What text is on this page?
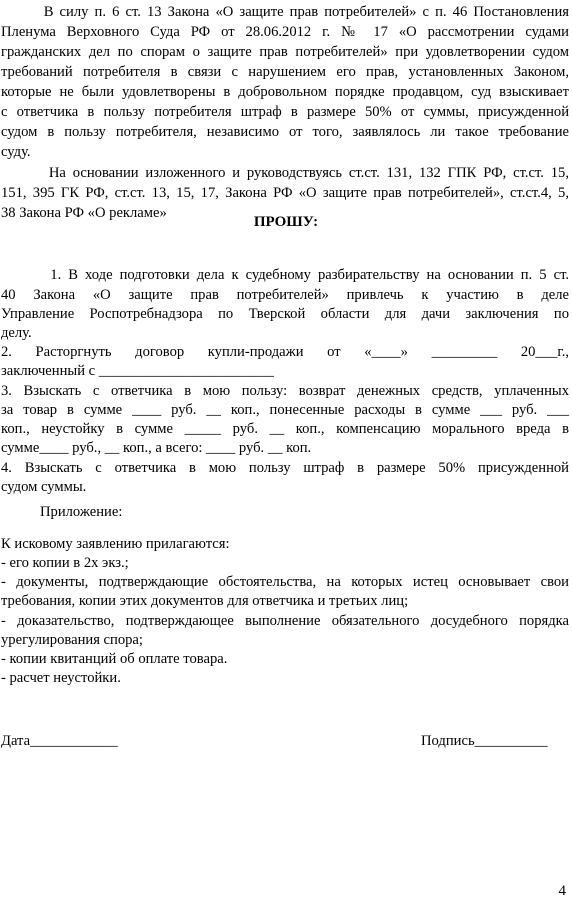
В силу п. 6 ст. 13 Закона «О защите прав потребителей» с п. 46 Постановления
Пленума Верховного Суда РФ от 28.06.2012 г. № 17 «О рассмотрении судами
гражданских дел по спорам о защите прав потребителей» при удовлетворении судом
требований потребителя в связи с нарушением его прав, установленных Законом,
которые не были удовлетворены в добровольном порядке продавцом, суд взыскивает
с ответчика в пользу потребителя штраф в размере 50% от суммы, присужденной
судом в пользу потребителя, независимо от того, заявлялось ли такое требование
суду.
На основании изложенного и руководствуясь ст.ст. 131, 132 ГПК РФ, ст.ст. 15,
151, 395 ГК РФ, ст.ст. 13, 15, 17, Закона РФ «О защите прав потребителей», ст.ст.4, 5,
38 Закона РФ «О рекламе»
ПРОШУ:
1. В ходе подготовки дела к судебному разбирательству на основании п. 5 ст.
40 Закона «О защите прав потребителей» привлечь к участию в деле
Управление Роспотребнадзора по Тверской области для дачи заключения по
делу.
2. Расторгнуть договор купли-продажи от «____» _________ 20___г.,
заключенный с ________________________
3. Взыскать с ответчика в мою пользу: возврат денежных средств, уплаченных
за товар в сумме ____ руб. __ коп., понесенные расходы в сумме ___ руб. ___
коп., неустойку в сумме _____ руб. __ коп., компенсацию морального вреда в
сумме____ руб., __ коп., а всего: ____ руб. __ коп.
4. Взыскать с ответчика в мою пользу штраф в размере 50% присужденной
судом суммы.
Приложение:
К исковому заявлению прилагаются:
- его копии в 2х экз.;
- документы, подтверждающие обстоятельства, на которых истец основывает свои
требования, копии этих документов для ответчика и третьих лиц;
- доказательство, подтверждающее выполнение обязательного досудебного порядка
урегулирования спора;
- копии квитанций об оплате товара.
- расчет неустойки.
Дата____________	Подпись__________
4
